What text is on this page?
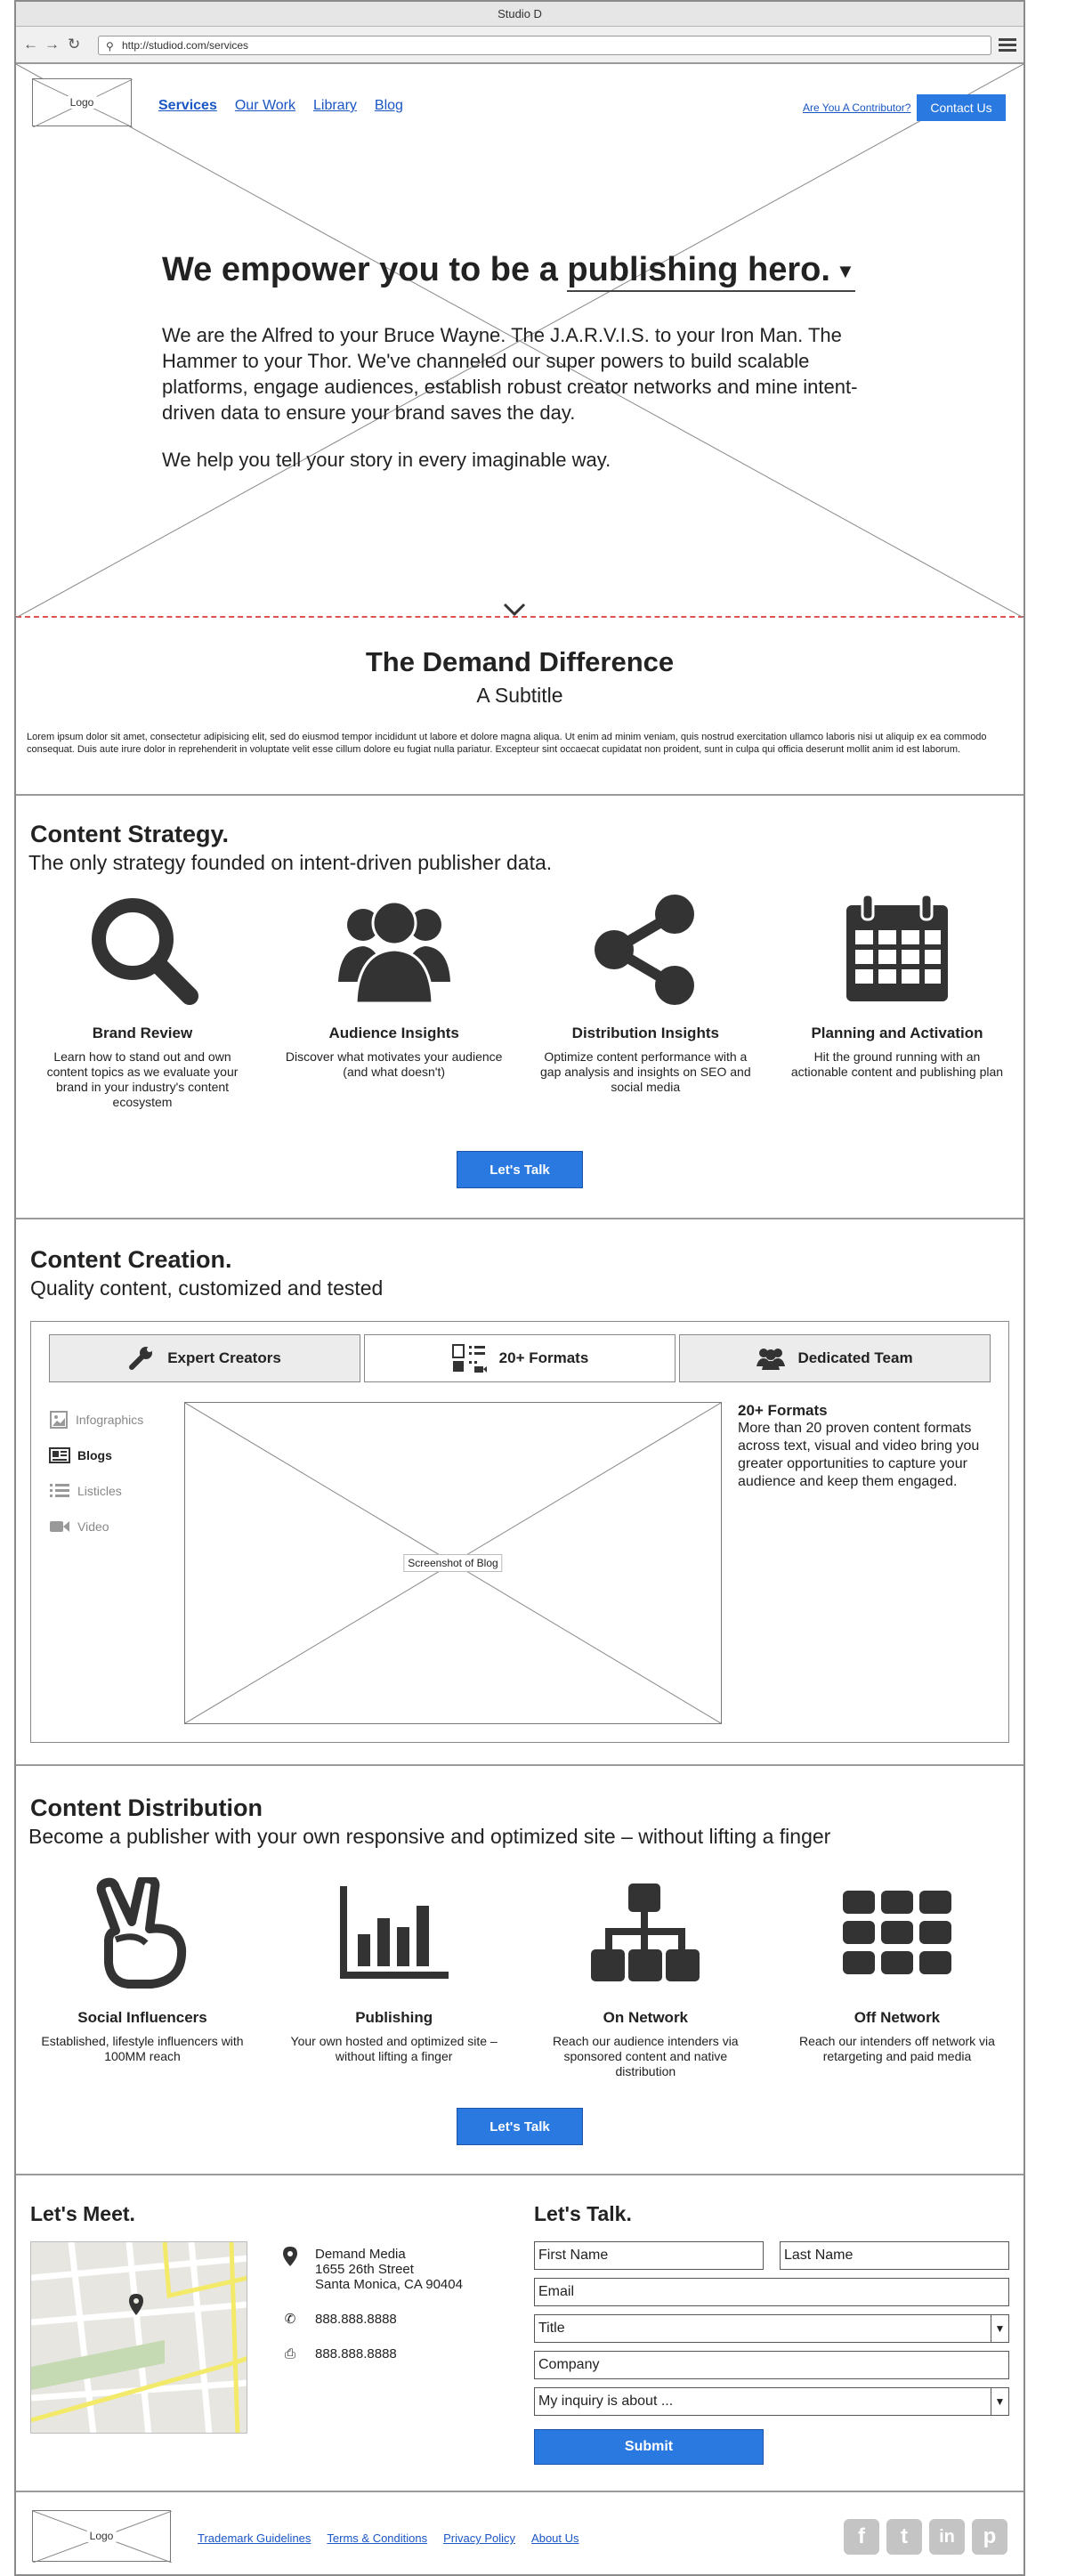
Studio D
← → ↻ ⚲ http://studiod.com/services
Logo	Services Our Work Library Blog	Are You A Contributor?	Contact Us
We empower you to be a publishing hero. ▼

We are the Alfred to your Bruce Wayne. The J.A.R.V.I.S. to your Iron Man. The Hammer to your Thor. We've channeled our super powers to build scalable platforms, engage audiences, establish robust creator networks and mine intent-driven data to ensure your brand saves the day.

We help you tell your story in every imaginable way.

The Demand Difference
A Subtitle

Lorem ipsum dolor sit amet, consectetur adipisicing elit, sed do eiusmod tempor incididunt ut labore et dolore magna aliqua. Ut enim ad minim veniam, quis nostrud exercitation ullamco laboris nisi ut aliquip ex ea commodo consequat. Duis aute irure dolor in reprehenderit in voluptate velit esse cillum dolore eu fugiat nulla pariatur. Excepteur sint occaecat cupidatat non proident, sunt in culpa qui officia deserunt mollit anim id est laborum.

Content Strategy.
The only strategy founded on intent-driven publisher data.
Brand Review

Learn how to stand out and own content topics as we evaluate your brand in your industry's content ecosystem

Audience Insights

Discover what motivates your audience (and what doesn't)

Distribution Insights

Optimize content performance with a gap analysis and insights on SEO and social media

Planning and Activation

Hit the ground running with an actionable content and publishing plan

Let's Talk
Content Creation.
Quality content, customized and tested
Expert Creators	20+ Formats	Dedicated Team
Infographics
Blogs
Listicles
Video
Screenshot of Blog
20+ Formats

More than 20 proven content formats across text, visual and video bring you greater opportunities to capture your audience and keep them engaged.

Content Distribution
Become a publisher with your own responsive and optimized site – without lifting a finger
Social Influencers

Established, lifestyle influencers with 100MM reach

Publishing

Your own hosted and optimized site – without lifting a finger

On Network

Reach our audience intenders via sponsored content and native distribution

Off Network

Reach our intenders off network via retargeting and paid media

Let's Talk
Let's Meet.
Demand Media
1655 26th Street
Santa Monica, CA 90404
✆ 888.888.8888
⎙ 888.888.8888
Let's Talk.
First Name	Last Name
Email
Title	▼
Company
My inquiry is about ...	▼
Submit
Logo	Trademark Guidelines Terms & Conditions Privacy Policy About Us	f	t	in	p
